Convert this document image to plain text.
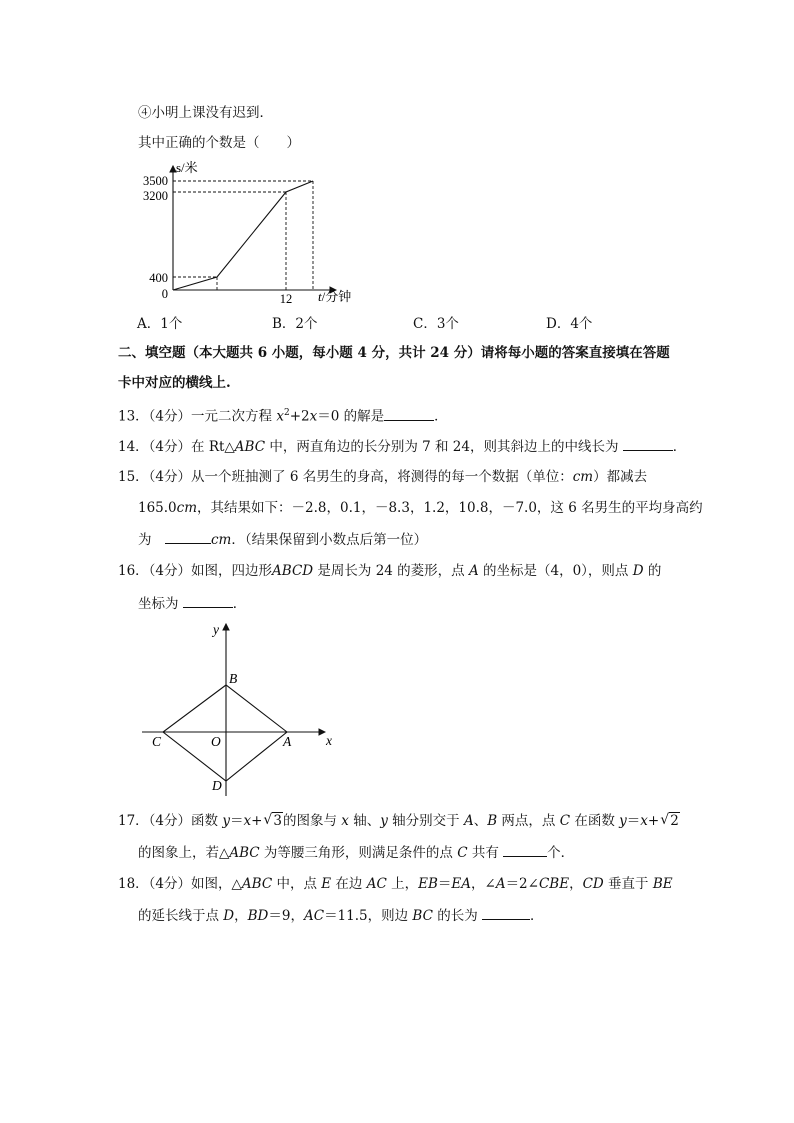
④小明上课没有迟到．
其中正确的个数是（　　）
s/米
3500
3200
400
0	12 t/分钟
A．1个	B．2个	C．3个	D．4个
二、填空题（本大题共 6 小题，每小题 4 分，共计 24 分）请将每小题的答案直接填在答题
卡中对应的横线上.
13．（4分）一元二次方程 $x^2+2x=0$ 的解是	．
14．（4分）在 Rt△ABC 中，两直角边的长分别为 7 和 24，则其斜边上的中线长为	．
15．（4分）从一个班抽测了 6 名男生的身高，将测得的每一个数据（单位：cm）都减去
165.0cm，其结果如下：－2.8，0.1，－8.3，1.2，10.8，－7.0，这 6 名男生的平均身高约
为　	cm．（结果保留到小数点后第一位）
16．（4分）如图，四边形ABCD 是周长为 24 的菱形，点 A 的坐标是（4，0），则点 D 的
坐标为	．
y
x
B
C	O	A
D
17．（4分）函数 y＝x+ √ 3的图象与 x 轴、y 轴分别交于 A、B 两点，点 C 在函数 y＝x+ √ 2
的图象上，若△ABC 为等腰三角形，则满足条件的点 C 共有	个．
18．（4分）如图，△ABC 中，点 E 在边 AC 上，EB＝EA，∠A＝2∠CBE，CD 垂直于 BE
的延长线于点 D，BD＝9，AC＝11.5，则边 BC 的长为	．
